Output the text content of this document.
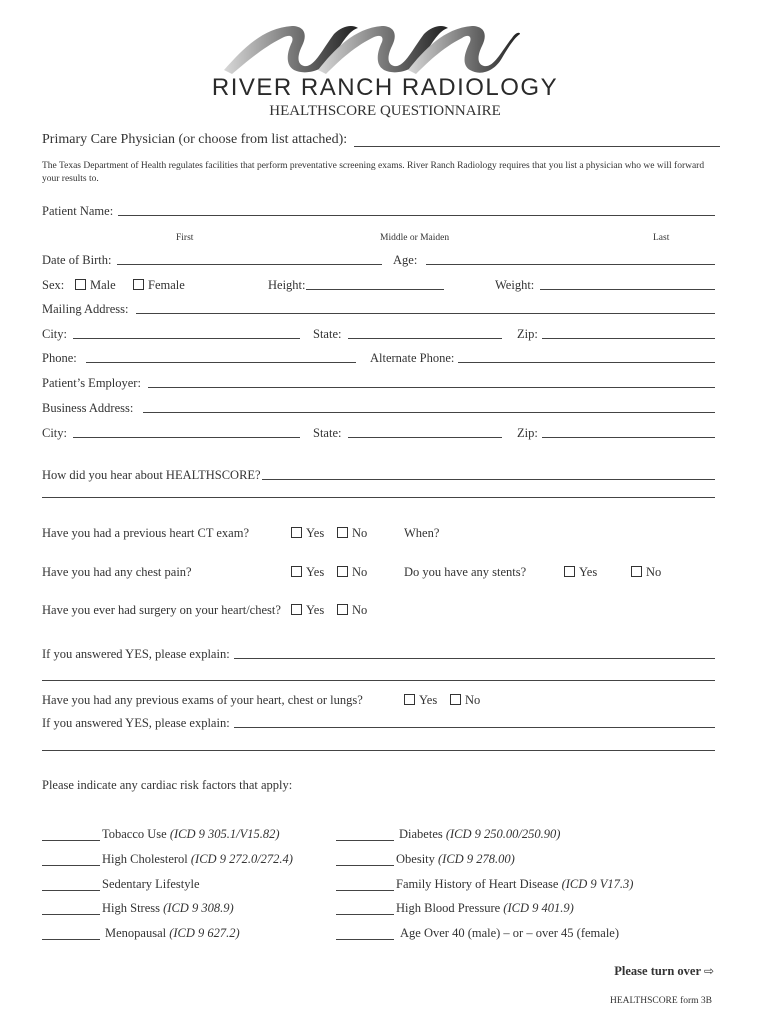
RIVER RANCH RADIOLOGY
HEALTHSCORE QUESTIONNAIRE
Primary Care Physician (or choose from list attached):
The Texas Department of Health regulates facilities that perform preventative screening exams. River Ranch Radiology requires that you list a physician who we will forward your results to.
Patient Name:
First	Middle or Maiden	Last
Date of Birth:	Age:
Sex:	Male	Female	Height:	Weight:
Mailing Address:
City:	State:	Zip:
Phone:	Alternate Phone:
Patient’s Employer:
Business Address:
City:	State:	Zip:
How did you hear about HEALTHSCORE?
Have you had a previous heart CT exam?	Yes	No	When?
Have you had any chest pain?	Yes	No	Do you have any stents?	Yes	No
Have you ever had surgery on your heart/chest?	Yes	No
If you answered YES, please explain:
Have you had any previous exams of your heart, chest or lungs?	Yes	No
If you answered YES, please explain:
Please indicate any cardiac risk factors that apply:
Tobacco Use (ICD 9 305.1/V15.82)
High Cholesterol (ICD 9 272.0/272.4)
Sedentary Lifestyle
High Stress (ICD 9 308.9)
Menopausal (ICD 9 627.2)
Diabetes (ICD 9 250.00/250.90)
Obesity (ICD 9 278.00)
Family History of Heart Disease (ICD 9 V17.3)
High Blood Pressure (ICD 9 401.9)
Age Over 40 (male) – or – over 45 (female)
Please turn over ⇨
HEALTHSCORE form 3B
